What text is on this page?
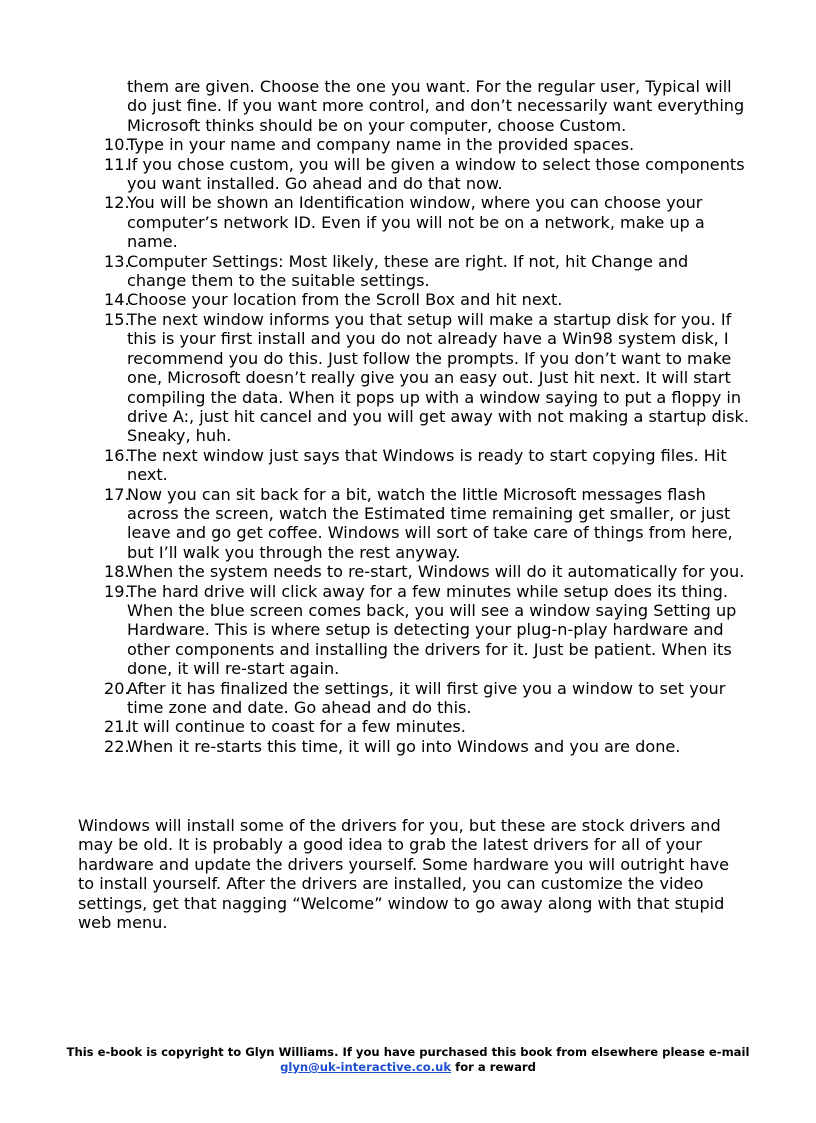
them are given. Choose the one you want. For the regular user, Typical will do just fine. If you want more control, and don’t necessarily want everything Microsoft thinks should be on your computer, choose Custom.
10.
Type in your name and company name in the provided spaces.
11.
If you chose custom, you will be given a window to select those components you want installed. Go ahead and do that now.
12.
You will be shown an Identification window, where you can choose your computer’s network ID. Even if you will not be on a network, make up a name.
13.
Computer Settings: Most likely, these are right. If not, hit Change and change them to the suitable settings.
14.
Choose your location from the Scroll Box and hit next.
15.
The next window informs you that setup will make a startup disk for you. If this is your first install and you do not already have a Win98 system disk, I recommend you do this. Just follow the prompts. If you don’t want to make one, Microsoft doesn’t really give you an easy out. Just hit next. It will start compiling the data. When it pops up with a window saying to put a floppy in drive A:, just hit cancel and you will get away with not making a startup disk. Sneaky, huh.
16.
The next window just says that Windows is ready to start copying files. Hit next.
17.
Now you can sit back for a bit, watch the little Microsoft messages flash across the screen, watch the Estimated time remaining get smaller, or just leave and go get coffee. Windows will sort of take care of things from here, but I’ll walk you through the rest anyway.
18.
When the system needs to re-start, Windows will do it automatically for you.
19.
The hard drive will click away for a few minutes while setup does its thing. When the blue screen comes back, you will see a window saying Setting up Hardware. This is where setup is detecting your plug-n-play hardware and other components and installing the drivers for it. Just be patient. When its done, it will re-start again.
20.
After it has finalized the settings, it will first give you a window to set your time zone and date. Go ahead and do this.
21.
It will continue to coast for a few minutes.
22.
When it re-starts this time, it will go into Windows and you are done.

Windows will install some of the drivers for you, but these are stock drivers and may be old. It is probably a good idea to grab the latest drivers for all of your hardware and update the drivers yourself. Some hardware you will outright have to install yourself. After the drivers are installed, you can customize the video settings, get that nagging “Welcome” window to go away along with that stupid web menu.

This e-book is copyright to Glyn Williams. If you have purchased this book from elsewhere please e-mail glyn@uk-interactive.co.uk for a reward
